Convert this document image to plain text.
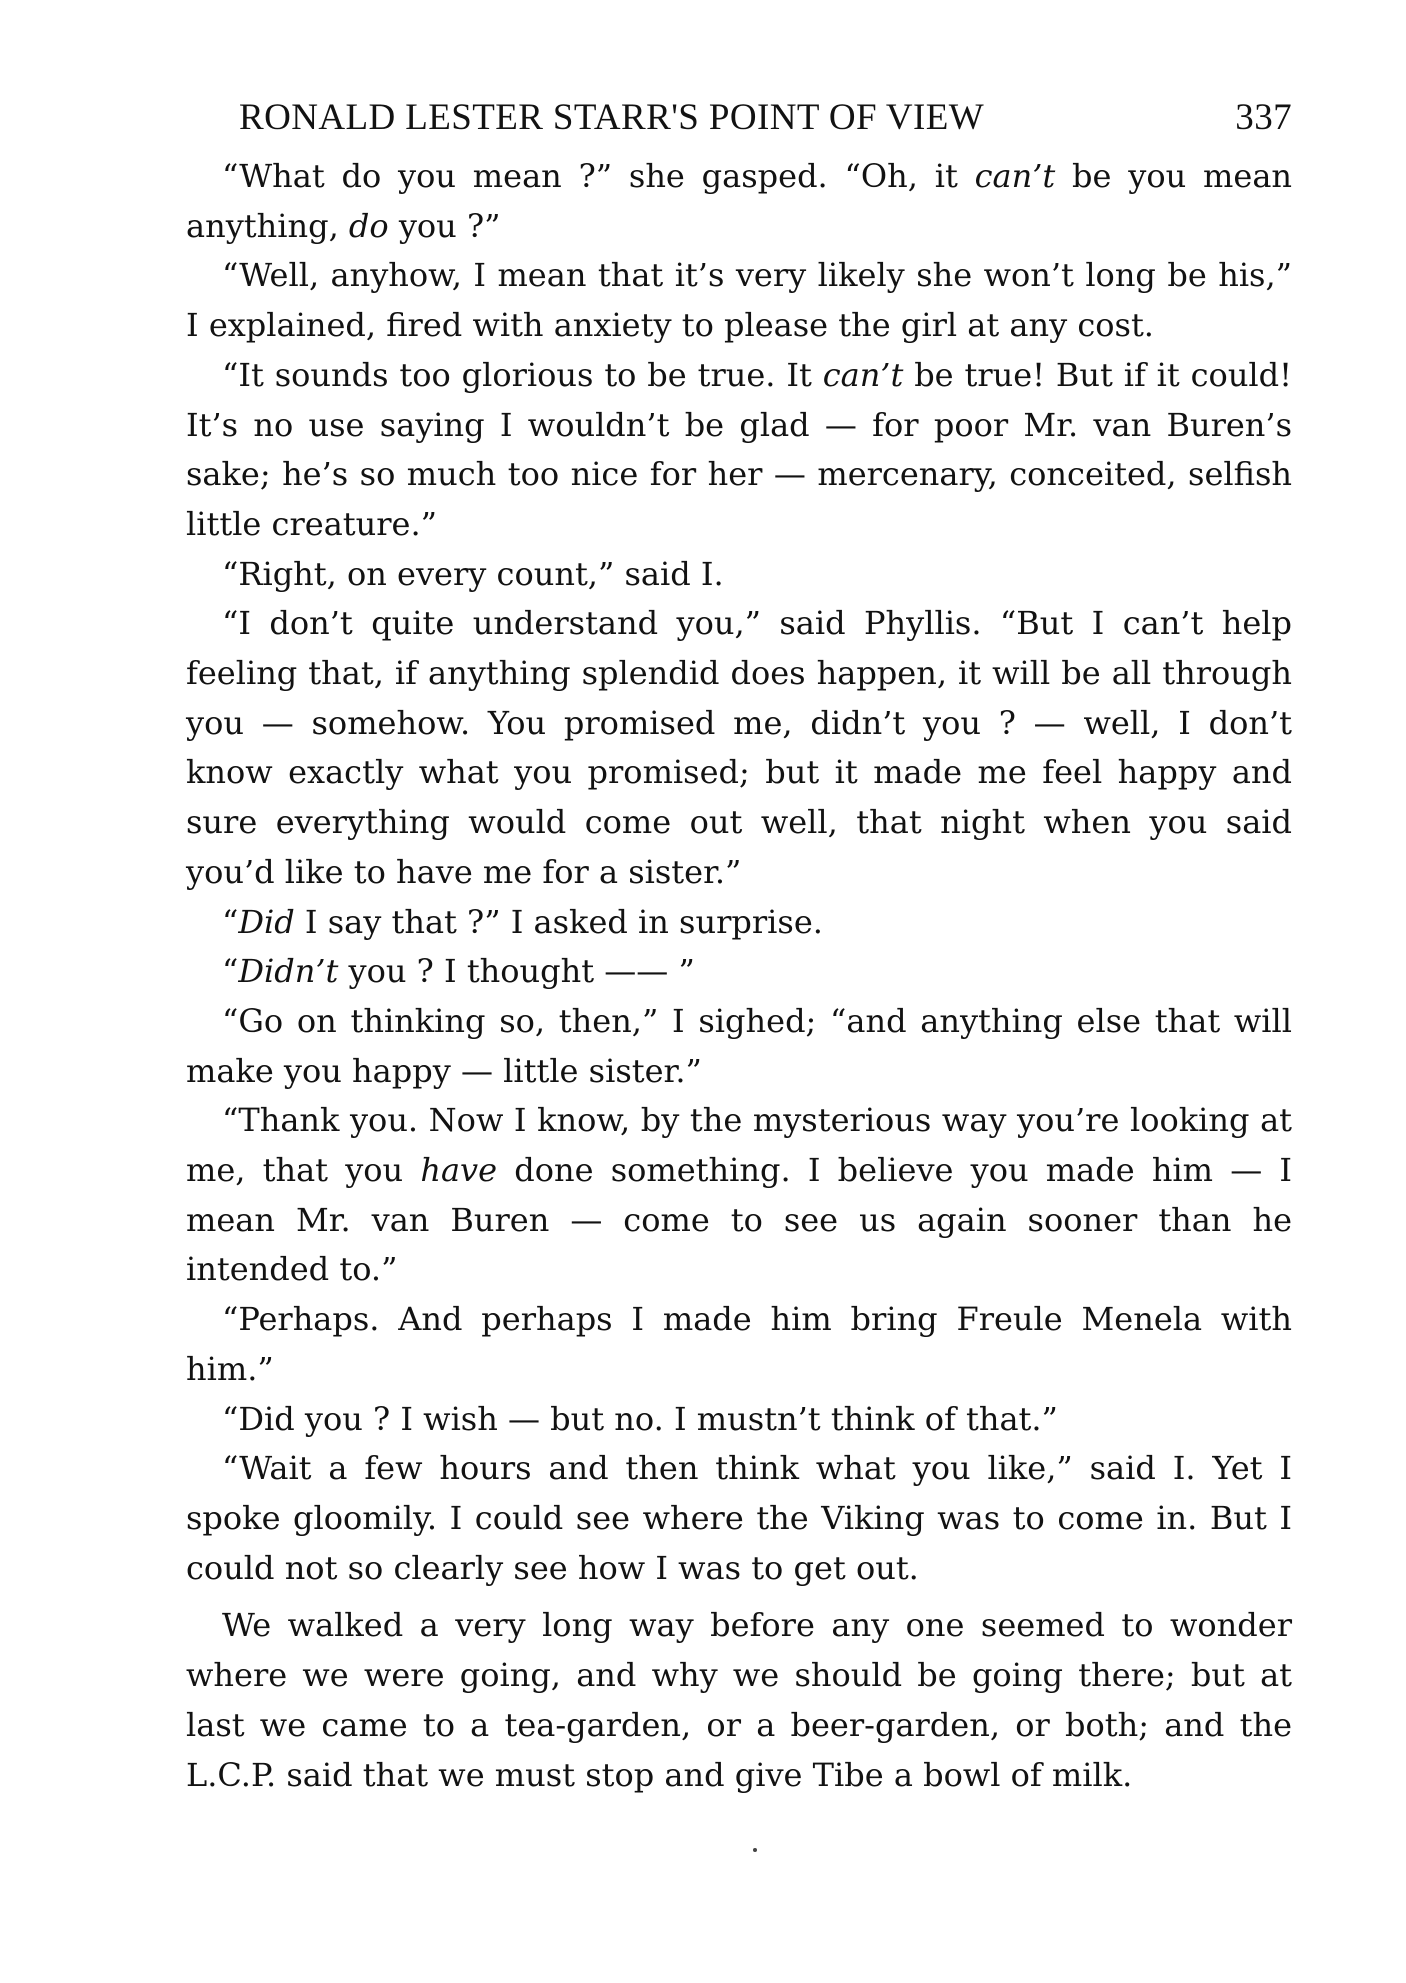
RONALD LESTER STARR'S POINT OF VIEW	337

“What do you mean ?” she gasped. “Oh, it can’t be you mean anything, do you ?”

“Well, anyhow, I mean that it’s very likely she won’t long be his,” I explained, fired with anxiety to please the girl at any cost.

“It sounds too glorious to be true. It can’t be true! But if it could! It’s no use saying I wouldn’t be glad — for poor Mr. van Buren’s sake; he’s so much too nice for her — mercenary, conceited, selfish little creature.”

“Right, on every count,” said I.

“I don’t quite understand you,” said Phyllis. “But I can’t help feeling that, if anything splendid does happen, it will be all through you — somehow. You promised me, didn’t you ? — well, I don’t know exactly what you promised; but it made me feel happy and sure everything would come out well, that night when you said you’d like to have me for a sister.”

“Did I say that ?” I asked in surprise.

“Didn’t you ? I thought —— ”

“Go on thinking so, then,” I sighed; “and anything else that will make you happy — little sister.”

“Thank you. Now I know, by the mysterious way you’re looking at me, that you have done something. I believe you made him — I mean Mr. van Buren — come to see us again sooner than he intended to.”

“Perhaps. And perhaps I made him bring Freule Menela with him.”

“Did you ? I wish — but no. I mustn’t think of that.”

“Wait a few hours and then think what you like,” said I. Yet I spoke gloomily. I could see where the Viking was to come in. But I could not so clearly see how I was to get out.

We walked a very long way before any one seemed to wonder where we were going, and why we should be going there; but at last we came to a tea-garden, or a beer-garden, or both; and the L.C.P. said that we must stop and give Tibe a bowl of milk.
